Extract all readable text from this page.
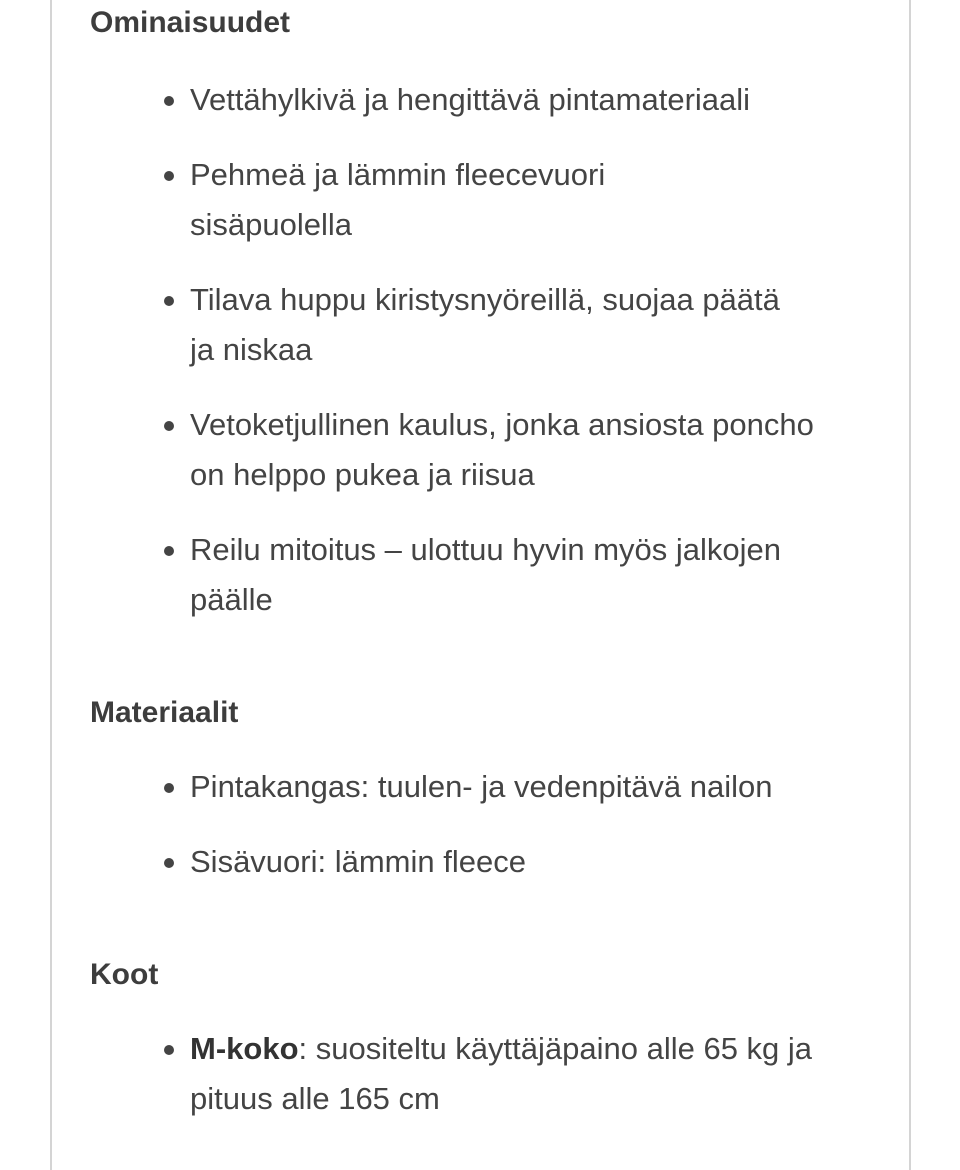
Ominaisuudet
Vettähylkivä ja hengittävä pintamateriaali
Pehmeä ja lämmin fleecevuori sisäpuolella
Tilava huppu kiristysnyöreillä, suojaa päätä ja niskaa
Vetoketjullinen kaulus, jonka ansiosta poncho on helppo pukea ja riisua
Reilu mitoitus – ulottuu hyvin myös jalkojen päälle
Materiaalit
Pintakangas: tuulen- ja vedenpitävä nailon
Sisävuori: lämmin fleece
Koot
M-koko: suositeltu käyttäjäpaino alle 65 kg ja pituus alle 165 cm
